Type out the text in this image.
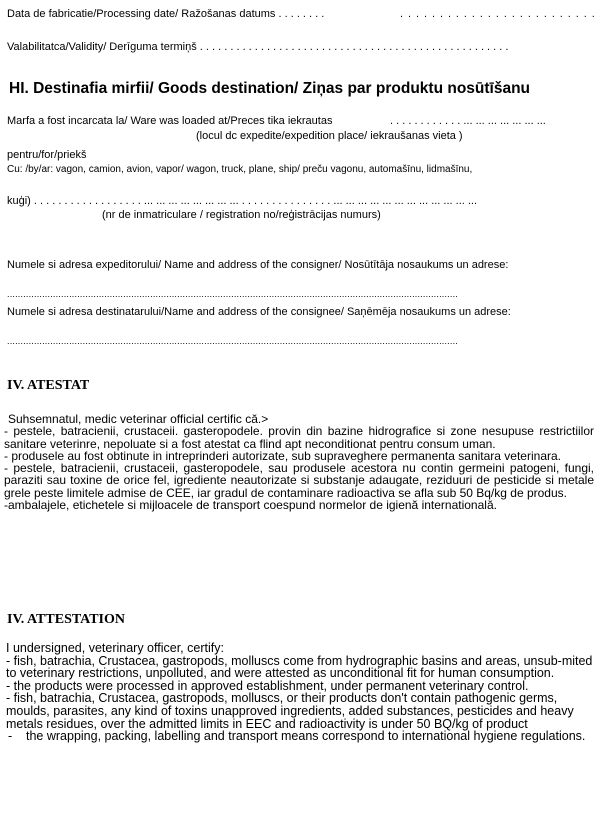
Data de fabricatie/Processing date/ Ražošanas datums . . . . . . . .	. . . . . . . . . . . . . . . . . . . . . . . . .
Valabilitatca/Validity/ Derīguma termiņš . . . . . . . . . . . . . . . . . . . . . . . . . . . . . . . . . . . . . . . . . . . . . . . . . . .
HI. Destinafia mirfii/ Goods destination/ Ziņas par produktu nosūtīšanu
Marfa a fost incarcata la/ Ware was loaded at/Preces tika iekrautas	. . . . . . . . . . . . ... ... ... ... ... ... ...
(locul dc expedite/expedition place/ iekraušanas vieta )
pentru/for/priekš
Cu: /by/ar: vagon, camion, avion, vapor/ wagon, truck, plane, ship/ preču vagonu, automašīnu, lidmašīnu,
kuģi) . . . . . . . . . . . . . . . . . . ... ... ... ... ... ... ... ... . . . . . . . . . . . . . . . ... ... ... ... ... ... ... ... ... ... ... ...
(nr de inmatriculare / registration no/reģistrācijas numurs)
Numele si adresa expeditorului/ Name and address of the consigner/ Nosūtītāja nosaukums un adrese:
.......................................................................................................................................................................
Numele si adresa destinatarului/Name and address of the consignee/ Saņēmēja nosaukums un adrese:
.......................................................................................................................................................................
IV. ATESTAT

Suhsemnatul, medic veterinar official certific că.>

- pestele, batracienii, crustaceii. gasteropodele. provin din bazine hidrografice si zone nesupuse restrictiilor sanitare veterinre, nepoluate si a fost atestat ca flind apt neconditionat pentru consum uman.

- produsele au fost obtinute in intreprinderi autorizate, sub supraveghere permanenta sanitara veterinara.

- pestele, batracienii, crustaceii, gasteropodele, sau produsele acestora nu contin germeini patogeni, fungi, paraziti sau toxine de orice fel, igrediente neautorizate si substanje adaugate, reziduuri de pesticide si metale grele peste limitele admise de CEE, iar gradul de contaminare radioactiva se afla sub 50 Bq/kg de produs.

-ambalajele, etichetele si mijloacele de transport coespund normelor de igienă internatională.

IV. ATTESTATION

I undersigned, veterinary officer, certify:

- fish, batrachia, Crustacea, gastropods, molluscs come from hydrographic basins and areas, unsub-mited to veterinary restrictions, unpolluted, and were attested as unconditional fit for human consumption.

- the products were processed in approved establishment, under permanent veterinary control.

- fish, batrachia, Crustacea, gastropods, molluscs, or their products don't contain pathogenic germs, moulds, parasites, any kind of toxins unapproved ingredients, added substances, pesticides and heavy metals residues, over the admitted limits in EEC and radioactivity is under 50 BQ/kg of product

- the wrapping, packing, labelling and transport means correspond to international hygiene regulations.
